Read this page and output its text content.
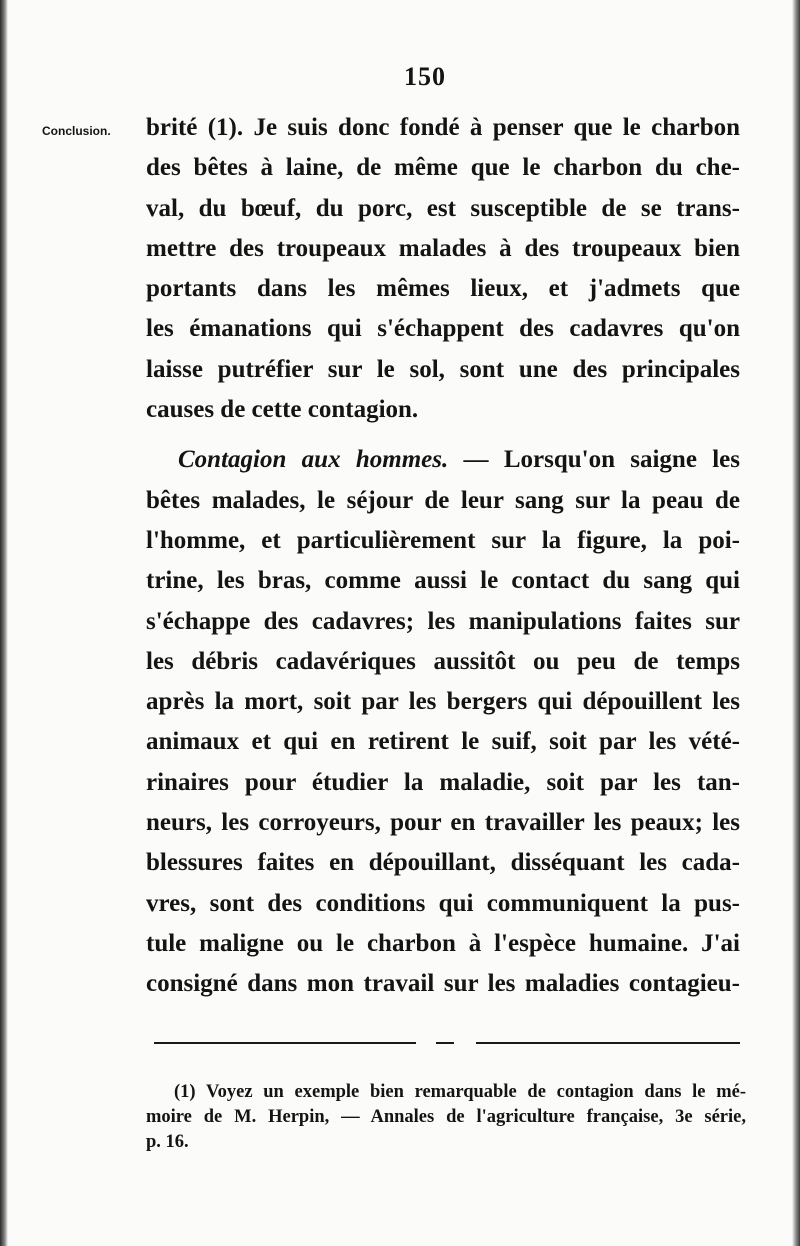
150
Conclusion. brité (1). Je suis donc fondé à penser que le charbon
des bêtes à laine, de même que le charbon du che-
val, du bœuf, du porc, est susceptible de se trans-
mettre des troupeaux malades à des troupeaux bien
portants dans les mêmes lieux, et j'admets que
les émanations qui s'échappent des cadavres qu'on
laisse putréfier sur le sol, sont une des principales
causes de cette contagion.
Contagion aux hommes. — Lorsqu'on saigne les
bêtes malades, le séjour de leur sang sur la peau de
l'homme, et particulièrement sur la figure, la poi-
trine, les bras, comme aussi le contact du sang qui
s'échappe des cadavres; les manipulations faites sur
les débris cadavériques aussitôt ou peu de temps
après la mort, soit par les bergers qui dépouillent les
animaux et qui en retirent le suif, soit par les vété-
rinaires pour étudier la maladie, soit par les tan-
neurs, les corroyeurs, pour en travailler les peaux; les
blessures faites en dépouillant, disséquant les cada-
vres, sont des conditions qui communiquent la pus-
tule maligne ou le charbon à l'espèce humaine. J'ai
consigné dans mon travail sur les maladies contagieu-
(1) Voyez un exemple bien remarquable de contagion dans le mé-
moire de M. Herpin, — Annales de l'agriculture française, 3e série,
p. 16.
